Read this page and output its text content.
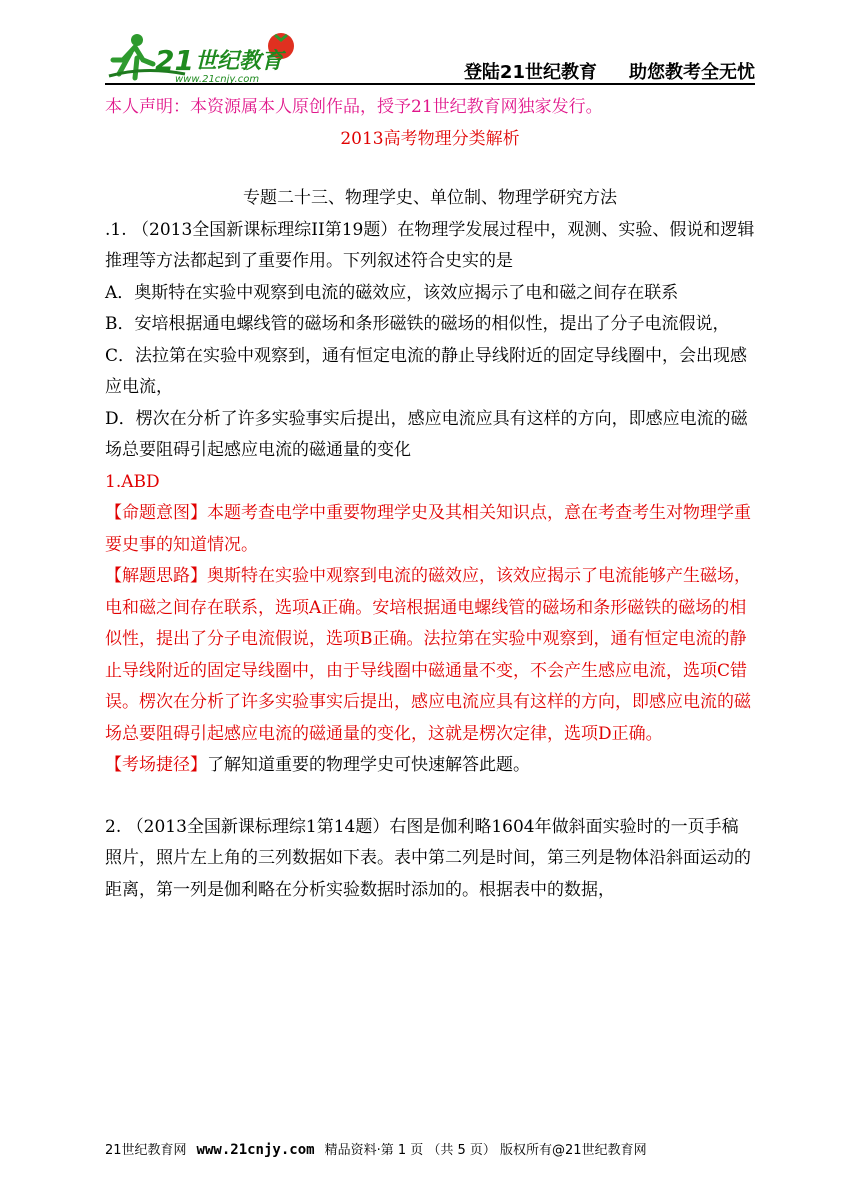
21 世纪教育
www.21cnjy.com	登陆21世纪教育 助您教考全无忧

本人声明：本资源属本人原创作品，授予21世纪教育网独家发行。

2013高考物理分类解析

专题二十三、物理学史、单位制、物理学研究方法

.1. （2013全国新课标理综II第19题）在物理学发展过程中，观测、实验、假说和逻辑推理等方法都起到了重要作用。下列叙述符合史实的是

A．奥斯特在实验中观察到电流的磁效应，该效应揭示了电和磁之间存在联系

B．安培根据通电螺线管的磁场和条形磁铁的磁场的相似性，提出了分子电流假说，

C．法拉第在实验中观察到，通有恒定电流的静止导线附近的固定导线圈中，会出现感应电流，

D．楞次在分析了许多实验事实后提出，感应电流应具有这样的方向，即感应电流的磁场总要阻碍引起感应电流的磁通量的变化

1.ABD

【命题意图】本题考查电学中重要物理学史及其相关知识点，意在考查考生对物理学重要史事的知道情况。

【解题思路】奥斯特在实验中观察到电流的磁效应，该效应揭示了电流能够产生磁场，电和磁之间存在联系，选项A正确。安培根据通电螺线管的磁场和条形磁铁的磁场的相似性，提出了分子电流假说，选项B正确。法拉第在实验中观察到，通有恒定电流的静止导线附近的固定导线圈中，由于导线圈中磁通量不变，不会产生感应电流，选项C错误。楞次在分析了许多实验事实后提出，感应电流应具有这样的方向，即感应电流的磁场总要阻碍引起感应电流的磁通量的变化，这就是楞次定律，选项D正确。

【考场捷径】了解知道重要的物理学史可快速解答此题。

2. （2013全国新课标理综1第14题）右图是伽利略1604年做斜面实验时的一页手稿照片，照片左上角的三列数据如下表。表中第二列是时间，第三列是物体沿斜面运动的距离，第一列是伽利略在分析实验数据时添加的。根据表中的数据，

21世纪教育网 www.21cnjy.com 精品资料·第 1 页 （共 5 页） 版权所有@21世纪教育网
